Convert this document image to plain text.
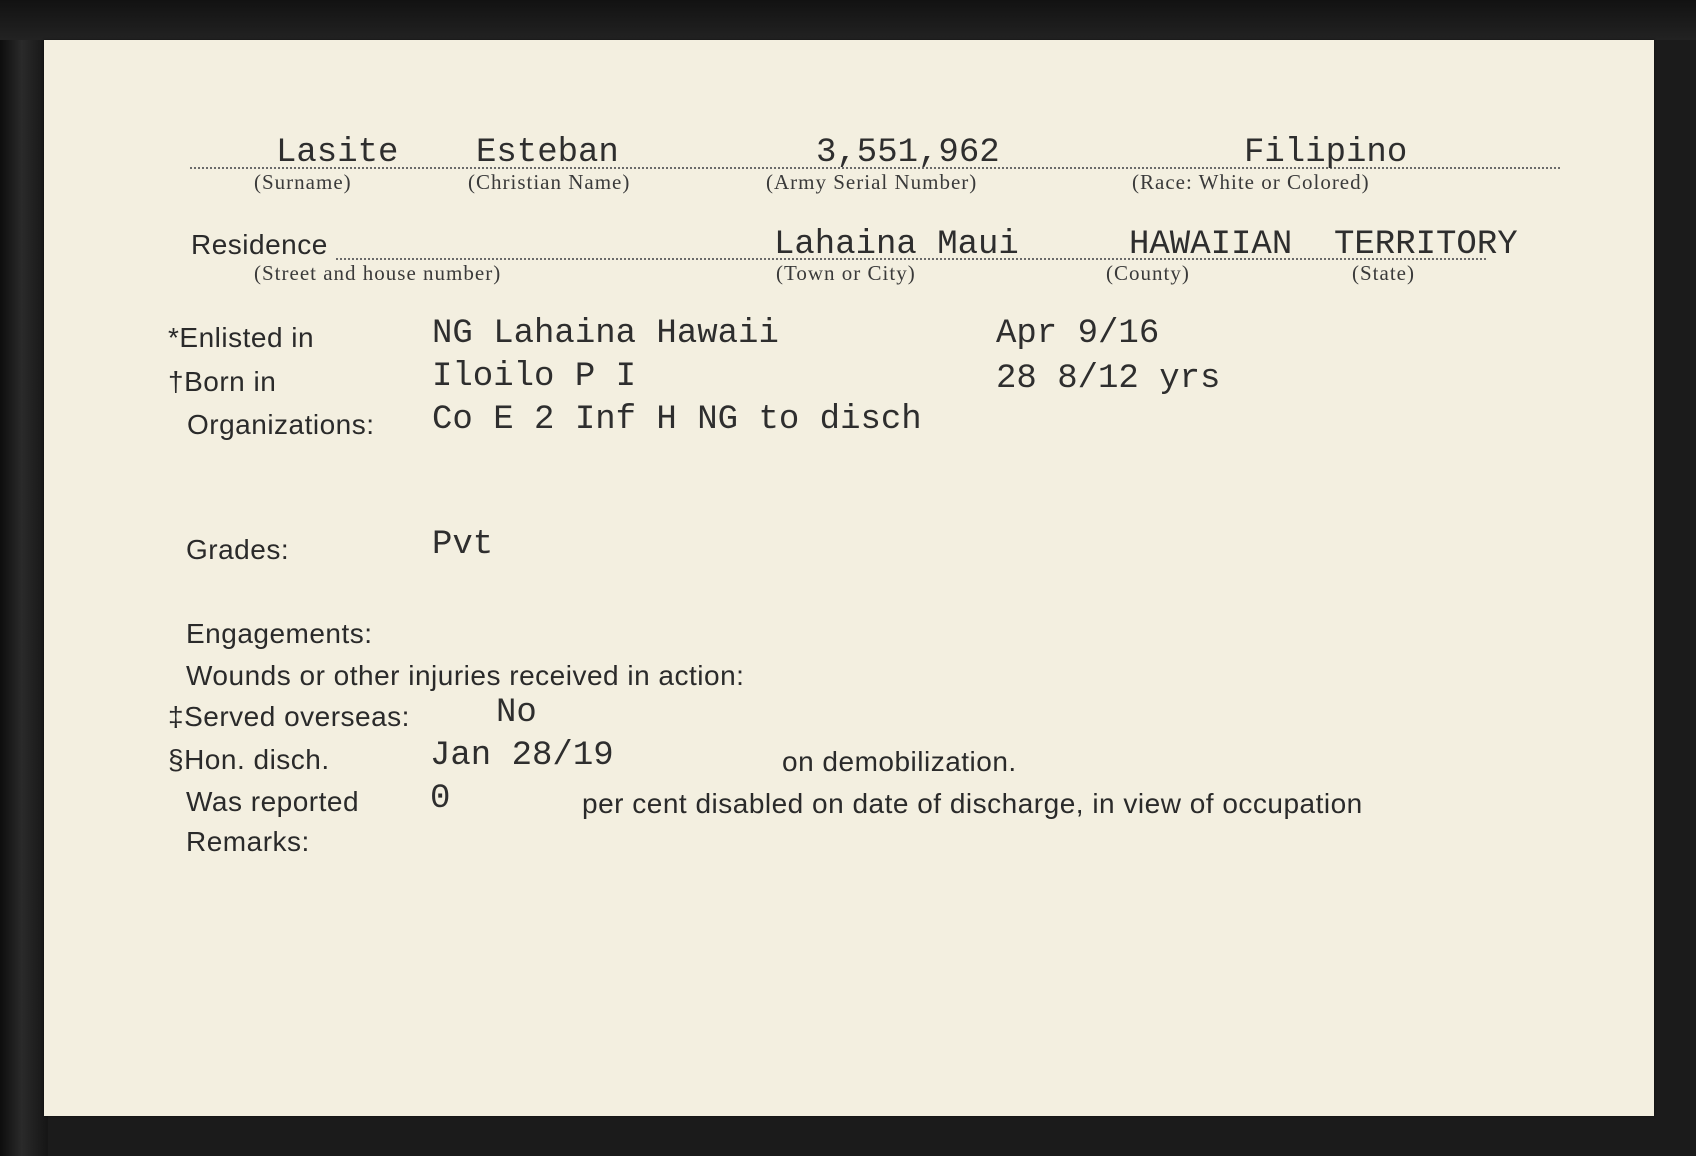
Lasite Esteban	3,551,962	Filipino
(Surname)	(Christian Name)	(Army Serial Number)	(Race: White or Colored)
Residence	Lahaina Maui	HAWAIIAN TERRITORY
(Street and house number)	(Town or City)	(County)	(State)
*Enlisted in	NG Lahaina Hawaii	Apr 9/16
†Born in	Iloilo P I	28 8/12 yrs
Organizations: Co E 2 Inf H NG to disch
Grades:	Pvt
Engagements:
Wounds or other injuries received in action:
‡Served overseas:	No
§Hon. disch.	Jan 28/19	on demobilization.
Was reported 0	per cent disabled on date of discharge, in view of occupation
Remarks:
